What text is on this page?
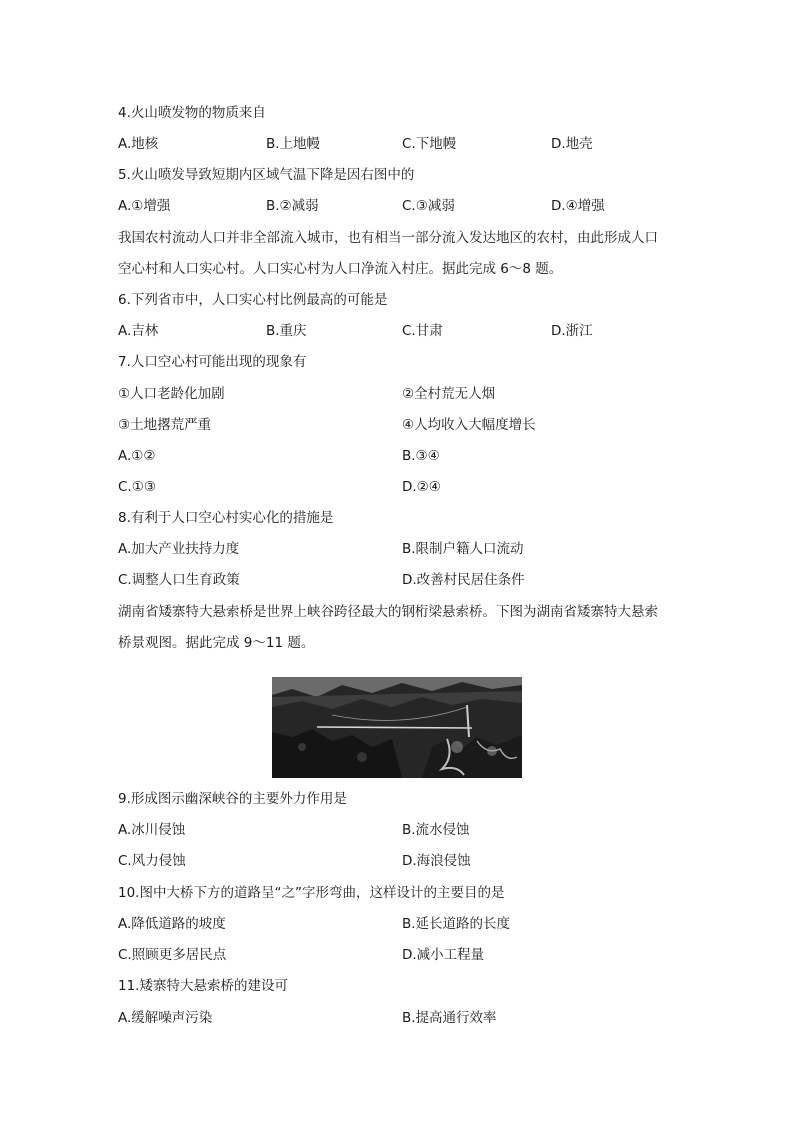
4.火山喷发物的物质来自
A.地核	B.上地幔	C.下地幔	D.地壳
5.火山喷发导致短期内区域气温下降是因右图中的
A.①增强	B.②减弱	C.③减弱	D.④增强
我国农村流动人口并非全部流入城市，也有相当一部分流入发达地区的农村，由此形成人口
空心村和人口实心村。人口实心村为人口净流入村庄。据此完成 6～8 题。
6.下列省市中，人口实心村比例最高的可能是
A.吉林	B.重庆	C.甘肃	D.浙江
7.人口空心村可能出现的现象有
①人口老龄化加剧	②全村荒无人烟
③土地撂荒严重	④人均收入大幅度增长
A.①②	B.③④
C.①③	D.②④
8.有利于人口空心村实心化的措施是
A.加大产业扶持力度	B.限制户籍人口流动
C.调整人口生育政策	D.改善村民居住条件
湖南省矮寨特大悬索桥是世界上峡谷跨径最大的钢桁梁悬索桥。下图为湖南省矮寨特大悬索
桥景观图。据此完成 9～11 题。
9.形成图示幽深峡谷的主要外力作用是
A.冰川侵蚀	B.流水侵蚀
C.风力侵蚀	D.海浪侵蚀
10.图中大桥下方的道路呈“之”字形弯曲，这样设计的主要目的是
A.降低道路的坡度	B.延长道路的长度
C.照顾更多居民点	D.减小工程量
11.矮寨特大悬索桥的建设可
A.缓解噪声污染	B.提高通行效率
